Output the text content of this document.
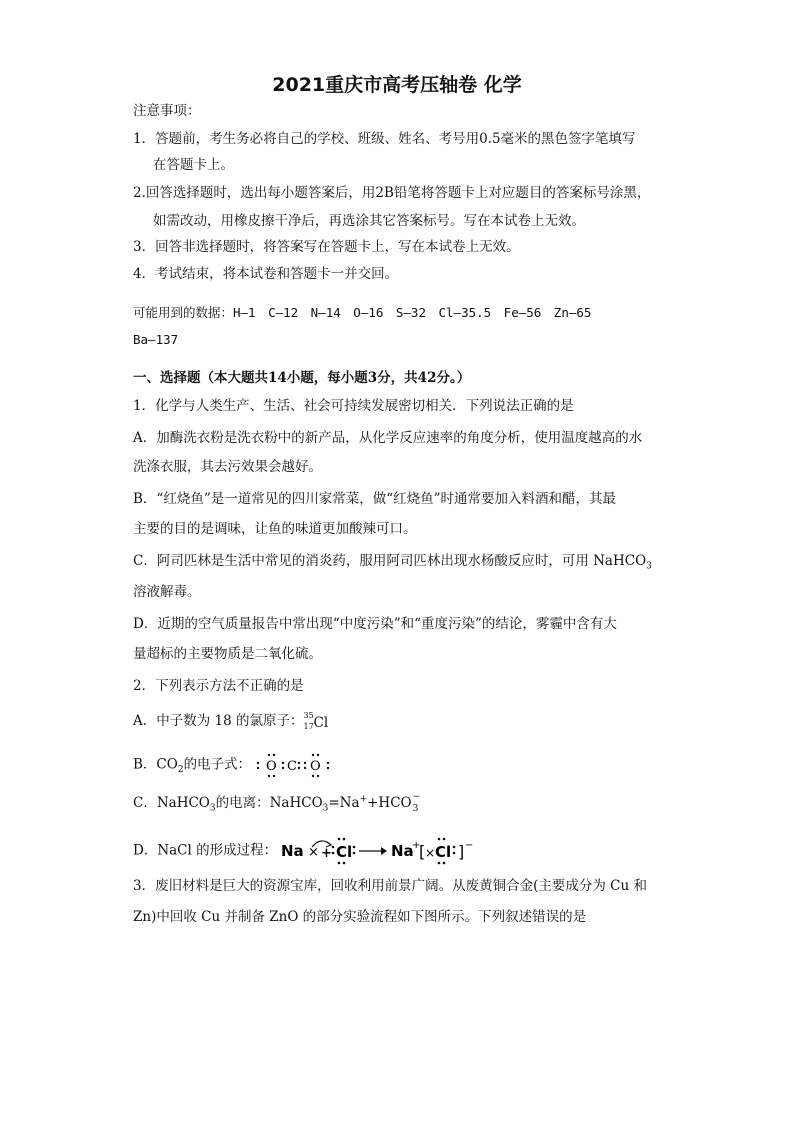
2021重庆市高考压轴卷 化学
注意事项：
1．答题前，考生务必将自己的学校、班级、姓名、考号用0.5毫米的黑色签字笔填写
在答题卡上。
2.回答选择题时，选出每小题答案后，用2B铅笔将答题卡上对应题目的答案标号涂黑，
如需改动，用橡皮擦干净后，再选涂其它答案标号。写在本试卷上无效。
3．回答非选择题时，将答案写在答题卡上，写在本试卷上无效。
4．考试结束，将本试卷和答题卡一并交回。
可能用到的数据：H—1　C—12　N—14　O—16　S—32　Cl—35.5　Fe—56　Zn—65
Ba—137
一、选择题（本大题共14小题，每小题3分，共42分。）
1．化学与人类生产、生活、社会可持续发展密切相关．下列说法正确的是
A．加酶洗衣粉是洗衣粉中的新产品，从化学反应速率的角度分析，使用温度越高的水
洗涤衣服，其去污效果会越好。
B．“红烧鱼”是一道常见的四川家常菜，做“红烧鱼”时通常要加入料酒和醋，其最
主要的目的是调味，让鱼的味道更加酸辣可口。
C．阿司匹林是生活中常见的消炎药，服用阿司匹林出现水杨酸反应时，可用 NaHCO$_3$
溶液解毒。
D．近期的空气质量报告中常出现“中度污染”和“重度污染”的结论，雾霾中含有大
量超标的主要物质是二氧化硫。
2．下列表示方法不正确的是
A．中子数为 18 的氯原子： 35
17 Cl
B．$CO_2$的电子式： O C O
C．NaHCO$_3$的电离：NaHCO$_3$=Na++HCO −
3
D．NaCl 的形成过程： Na × + Cl	Na
+
[ × Cl ] −
3．废旧材料是巨大的资源宝库，回收利用前景广阔。从废黄铜合金(主要成分为 Cu 和
Zn)中回收 Cu 并制备 ZnO 的部分实验流程如下图所示。下列叙述错误的是
